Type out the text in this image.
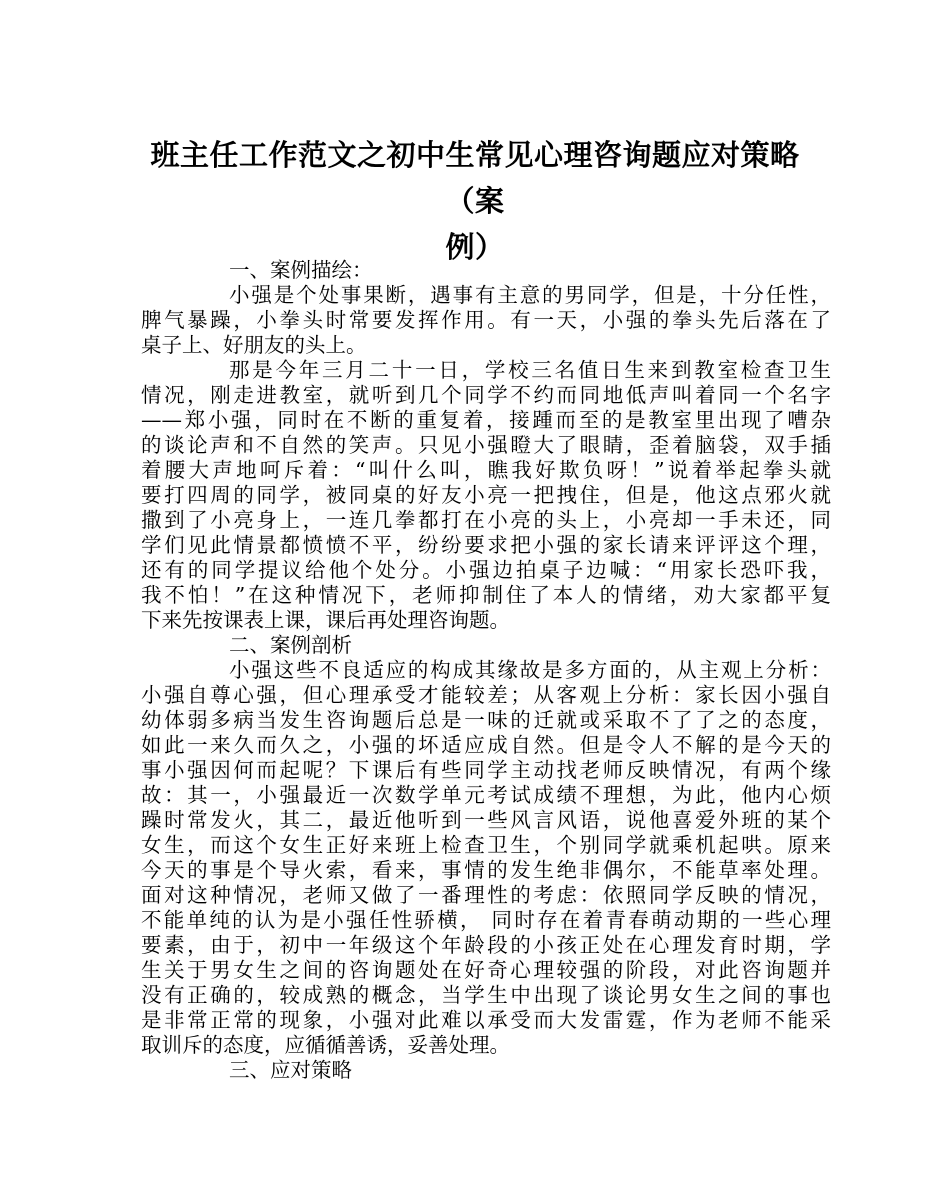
班主任工作范文之初中生常见心理咨询题应对策略（案
例）
一、案例描绘：
小强是个处事果断，遇事有主意的男同学，但是，十分任性，
脾气暴躁，小拳头时常要发挥作用。有一天，小强的拳头先后落在了
桌子上、好朋友的头上。
那是今年三月二十一日，学校三名值日生来到教室检查卫生
情况，刚走进教室，就听到几个同学不约而同地低声叫着同一个名字
——郑小强，同时在不断的重复着，接踵而至的是教室里出现了嘈杂
的谈论声和不自然的笑声。只见小强瞪大了眼睛，歪着脑袋，双手插
着腰大声地呵斥着：“叫什么叫，瞧我好欺负呀！”说着举起拳头就
要打四周的同学，被同桌的好友小亮一把拽住，但是，他这点邪火就
撒到了小亮身上，一连几拳都打在小亮的头上，小亮却一手未还，同
学们见此情景都愤愤不平，纷纷要求把小强的家长请来评评这个理，
还有的同学提议给他个处分。小强边拍桌子边喊：“用家长恐吓我，
我不怕！”在这种情况下，老师抑制住了本人的情绪，劝大家都平复
下来先按课表上课，课后再处理咨询题。
二、案例剖析
小强这些不良适应的构成其缘故是多方面的，从主观上分析：
小强自尊心强，但心理承受才能较差；从客观上分析：家长因小强自
幼体弱多病当发生咨询题后总是一味的迁就或采取不了了之的态度，
如此一来久而久之，小强的坏适应成自然。但是令人不解的是今天的
事小强因何而起呢？下课后有些同学主动找老师反映情况，有两个缘
故：其一，小强最近一次数学单元考试成绩不理想，为此，他内心烦
躁时常发火，其二，最近他听到一些风言风语，说他喜爱外班的某个
女生，而这个女生正好来班上检查卫生，个别同学就乘机起哄。原来
今天的事是个导火索，看来，事情的发生绝非偶尔，不能草率处理。
面对这种情况，老师又做了一番理性的考虑：依照同学反映的情况，
不能单纯的认为是小强任性骄横， 同时存在着青春萌动期的一些心理
要素，由于，初中一年级这个年龄段的小孩正处在心理发育时期，学
生关于男女生之间的咨询题处在好奇心理较强的阶段，对此咨询题并
没有正确的，较成熟的概念，当学生中出现了谈论男女生之间的事也
是非常正常的现象，小强对此难以承受而大发雷霆，作为老师不能采
取训斥的态度，应循循善诱，妥善处理。
三、应对策略
